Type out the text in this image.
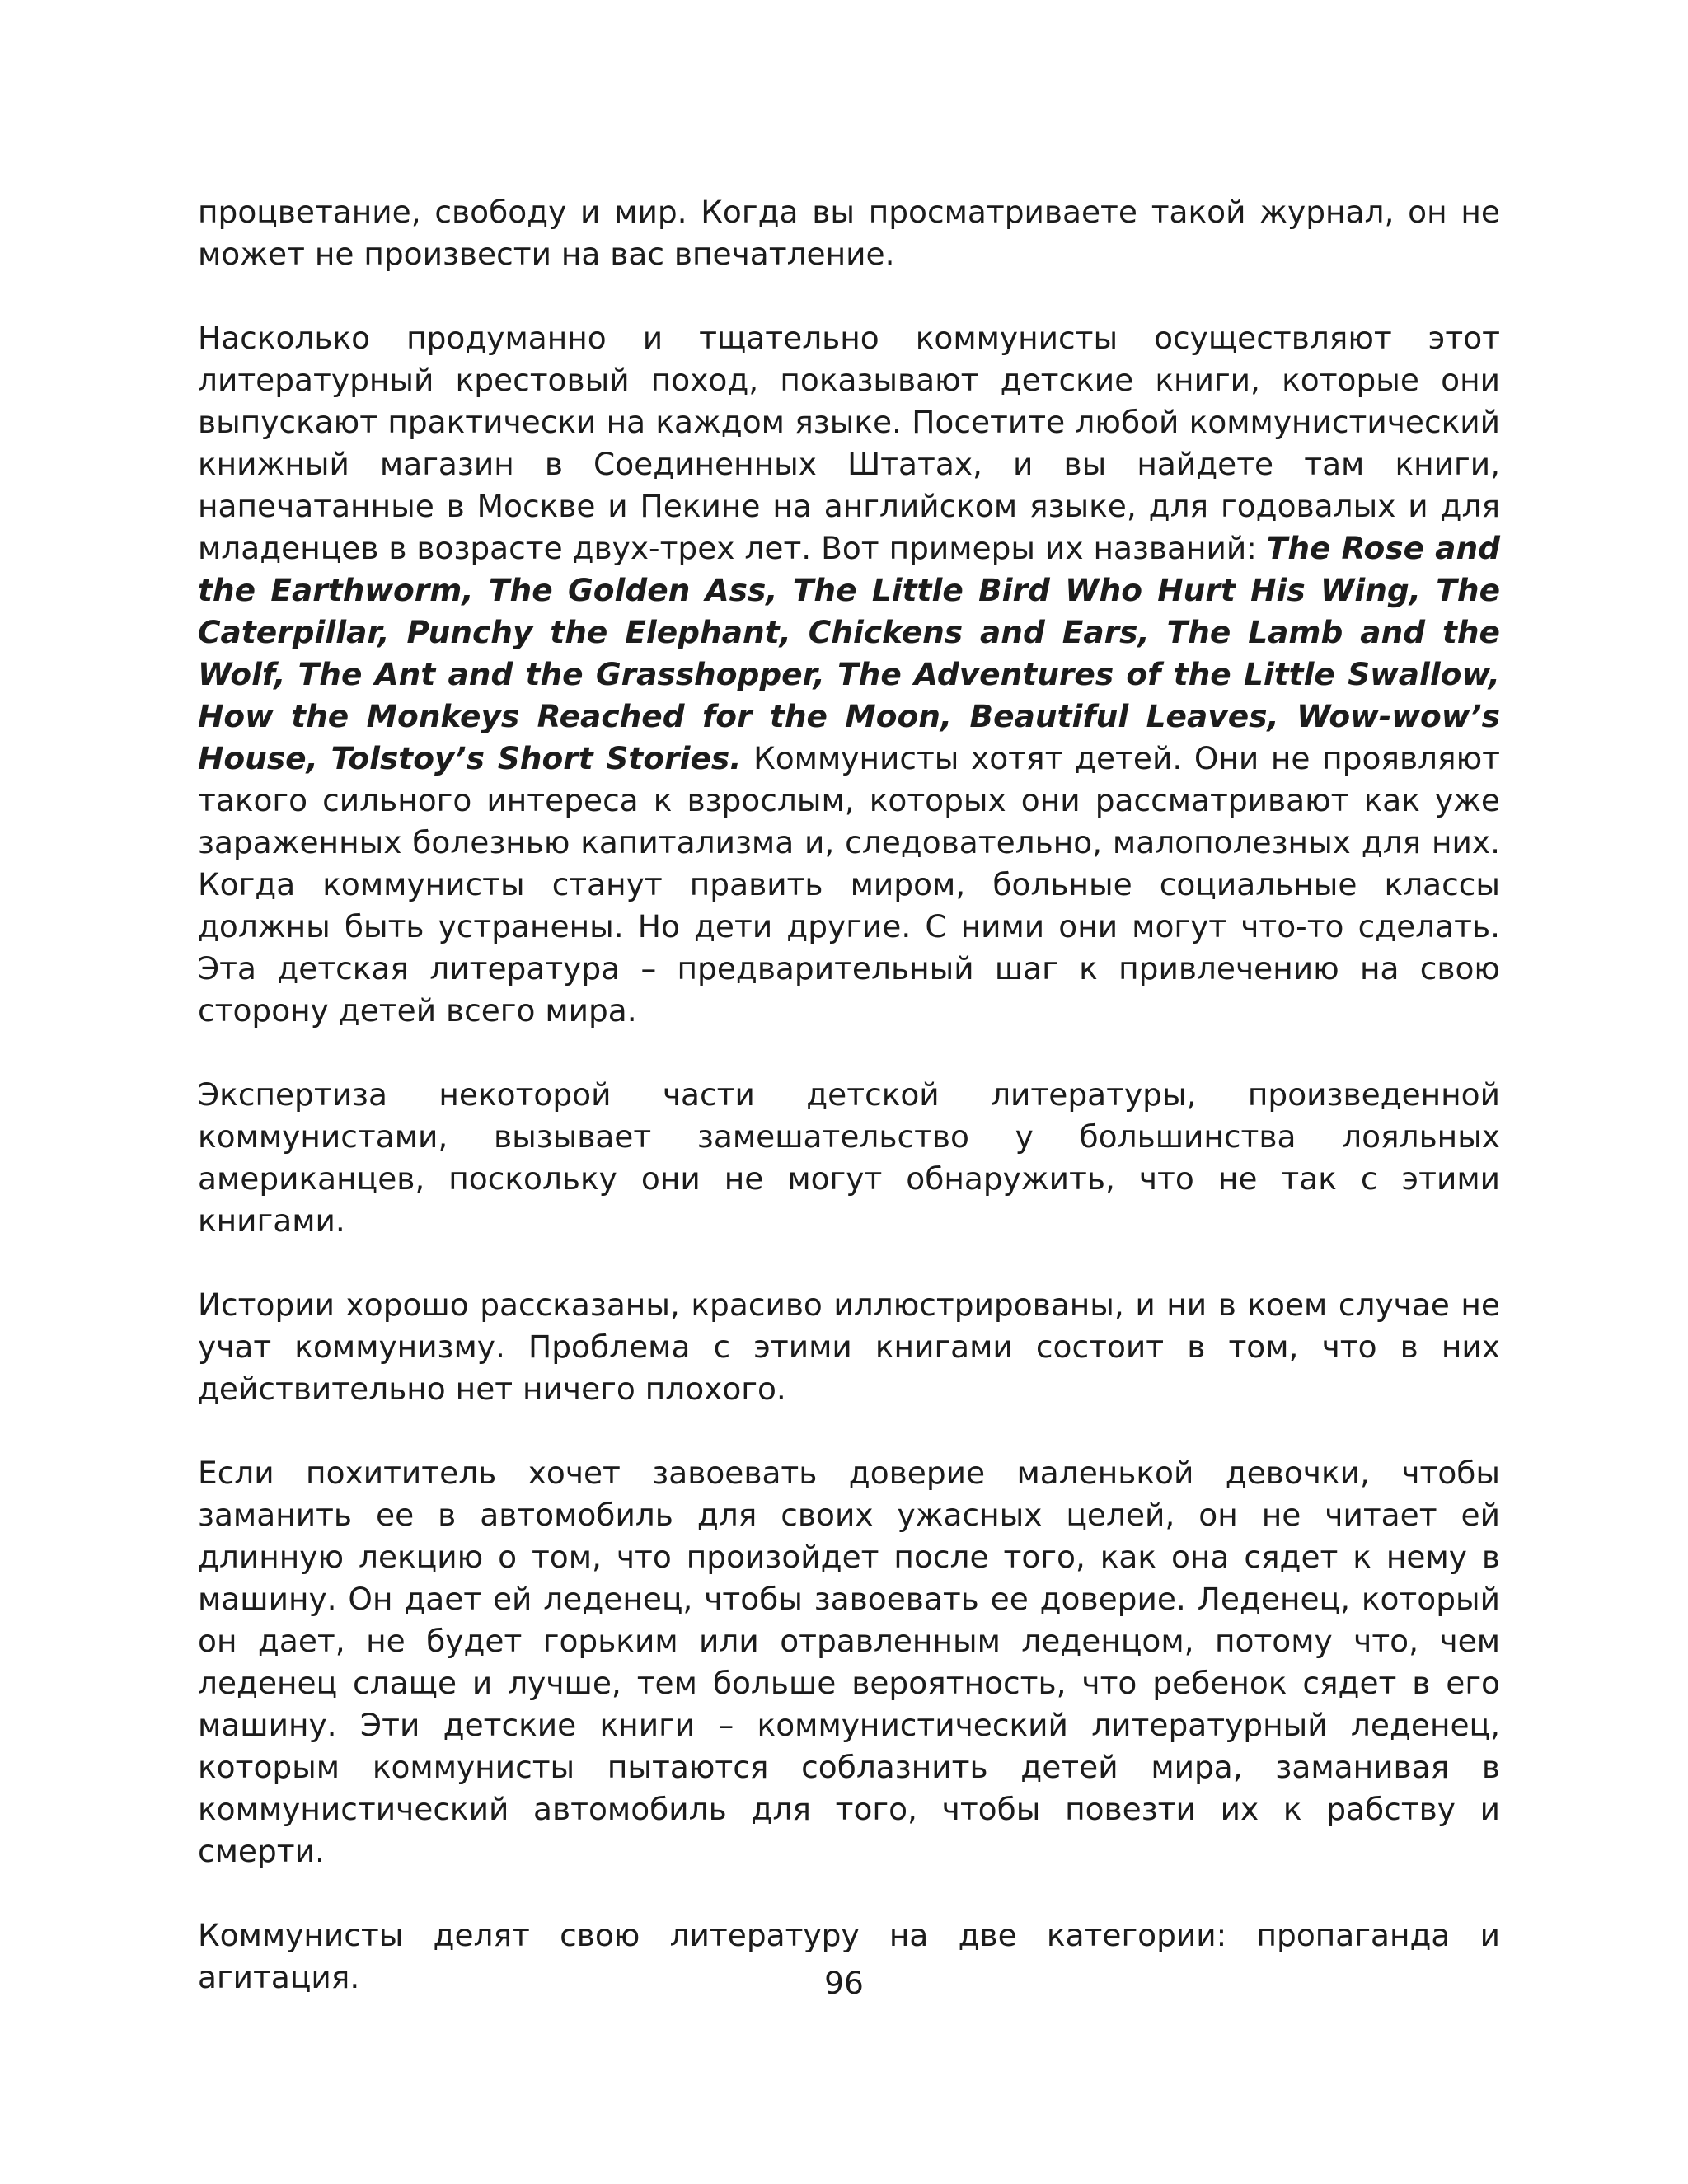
процветание, свободу и мир. Когда вы просматриваете такой журнал, он не может не произвести на вас впечатление.

Насколько продуманно и тщательно коммунисты осуществляют этот литературный крестовый поход, показывают детские книги, которые они выпускают практически на каждом языке. Посетите любой коммунистический книжный магазин в Соединенных Штатах, и вы найдете там книги, напечатанные в Москве и Пекине на английском языке, для годовалых и для младенцев в возрасте двух-трех лет. Вот примеры их названий: The Rose and the Earthworm, The Golden Ass, The Little Bird Who Hurt His Wing, The Caterpillar, Punchy the Elephant, Chickens and Ears, The Lamb and the Wolf, The Ant and the Grasshopper, The Adventures of the Little Swallow, How the Monkeys Reached for the Moon, Beautiful Leaves, Wow-wow’s House, Tolstoy’s Short Stories. Коммунисты хотят детей. Они не проявляют такого сильного интереса к взрослым, которых они рассматривают как уже зараженных болезнью капитализма и, следовательно, малополезных для них. Когда коммунисты станут править миром, больные социальные классы должны быть устранены. Но дети другие. С ними они могут что-то сделать. Эта детская литература – предварительный шаг к привлечению на свою сторону детей всего мира.

Экспертиза некоторой части детской литературы, произведенной коммунистами, вызывает замешательство у большинства лояльных американцев, поскольку они не могут обнаружить, что не так с этими книгами.

Истории хорошо рассказаны, красиво иллюстрированы, и ни в коем случае не учат коммунизму. Проблема с этими книгами состоит в том, что в них действительно нет ничего плохого.

Если похититель хочет завоевать доверие маленькой девочки, чтобы заманить ее в автомобиль для своих ужасных целей, он не читает ей длинную лекцию о том, что произойдет после того, как она сядет к нему в машину. Он дает ей леденец, чтобы завоевать ее доверие. Леденец, который он дает, не будет горьким или отравленным леденцом, потому что, чем леденец слаще и лучше, тем больше вероятность, что ребенок сядет в его машину. Эти детские книги – коммунистический литературный леденец, которым коммунисты пытаются соблазнить детей мира, заманивая в коммунистический автомобиль для того, чтобы повезти их к рабству и смерти.

Коммунисты делят свою литературу на две категории: пропаганда и агитация.	96
